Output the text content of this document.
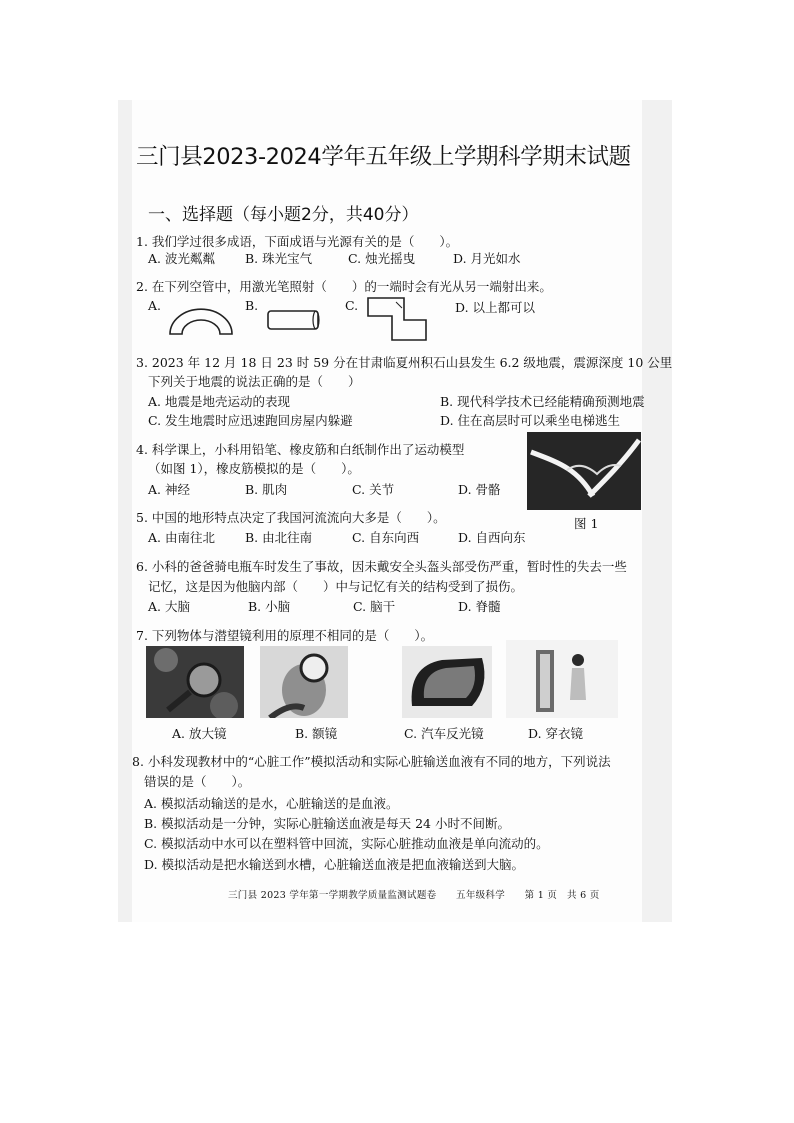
三门县2023-2024学年五年级上学期科学期末试题
一、选择题（每小题2分，共40分）
1. 我们学过很多成语，下面成语与光源有关的是（　　）。
A. 波光粼粼 B. 珠光宝气	C. 烛光摇曳	D. 月光如水
2. 在下列空管中，用激光笔照射（　　）的一端时会有光从另一端射出来。
A.	B.	C.	D. 以上都可以
3. 2023 年 12 月 18 日 23 时 59 分在甘肃临夏州积石山县发生 6.2 级地震，震源深度 10 公里
下列关于地震的说法正确的是（　　）
A. 地震是地壳运动的表现	B. 现代科学技术已经能精确预测地震
C. 发生地震时应迅速跑回房屋内躲避	D. 住在高层时可以乘坐电梯逃生
4. 科学课上，小科用铅笔、橡皮筋和白纸制作出了运动模型
（如图 1），橡皮筋模拟的是（　　）。
A. 神经	B. 肌肉	C. 关节	D. 骨骼
图 1
5. 中国的地形特点决定了我国河流流向大多是（　　）。
A. 由南往北 B. 由北往南	C. 自东向西	D. 自西向东
6. 小科的爸爸骑电瓶车时发生了事故，因未戴安全头盔头部受伤严重，暂时性的失去一些
记忆，这是因为他脑内部（　　）中与记忆有关的结构受到了损伤。
A. 大脑	B. 小脑	C. 脑干	D. 脊髓
7. 下列物体与潜望镜利用的原理不相同的是（　　）。
A. 放大镜	B. 额镜	C. 汽车反光镜	D. 穿衣镜
8. 小科发现教材中的“心脏工作”模拟活动和实际心脏输送血液有不同的地方，下列说法
错误的是（　　）。
A. 模拟活动输送的是水，心脏输送的是血液。
B. 模拟活动是一分钟，实际心脏输送血液是每天 24 小时不间断。
C. 模拟活动中水可以在塑料管中回流，实际心脏推动血液是单向流动的。
D. 模拟活动是把水输送到水槽，心脏输送血液是把血液输送到大脑。
三门县 2023 学年第一学期教学质量监测试题卷　　五年级科学　　第 1 页　共 6 页
